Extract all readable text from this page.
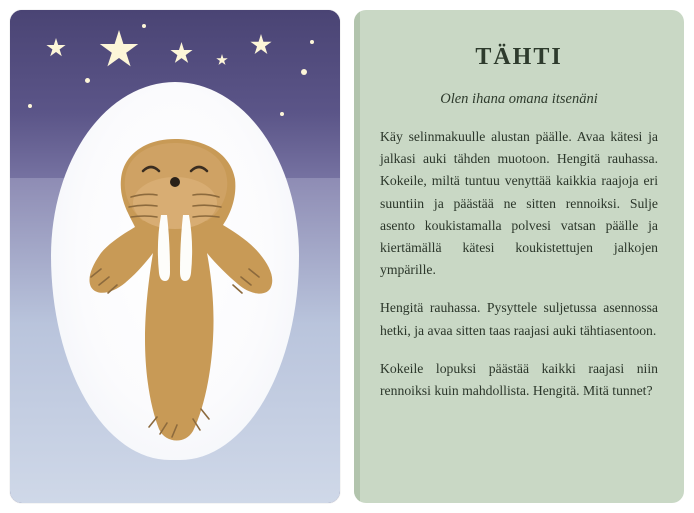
TÄHTI

Olen ihana omana itsenäni

Käy selinmakuulle alustan päälle. Avaa kätesi ja jalkasi auki tähden muotoon. Hengitä rauhassa. Kokeile, miltä tuntuu venyttää kaikkia raajoja eri suuntiin ja päästää ne sitten rennoiksi. Sulje asento koukistamalla polvesi vatsan päälle ja kiertämällä kätesi koukistettujen jalkojen ympärille.

Hengitä rauhassa. Pysyttele suljetussa asennossa hetki, ja avaa sitten taas raajasi auki tähtiasentoon.

Kokeile lopuksi päästää kaikki raajasi niin rennoiksi kuin mahdollista. Hengitä. Mitä tunnet?
